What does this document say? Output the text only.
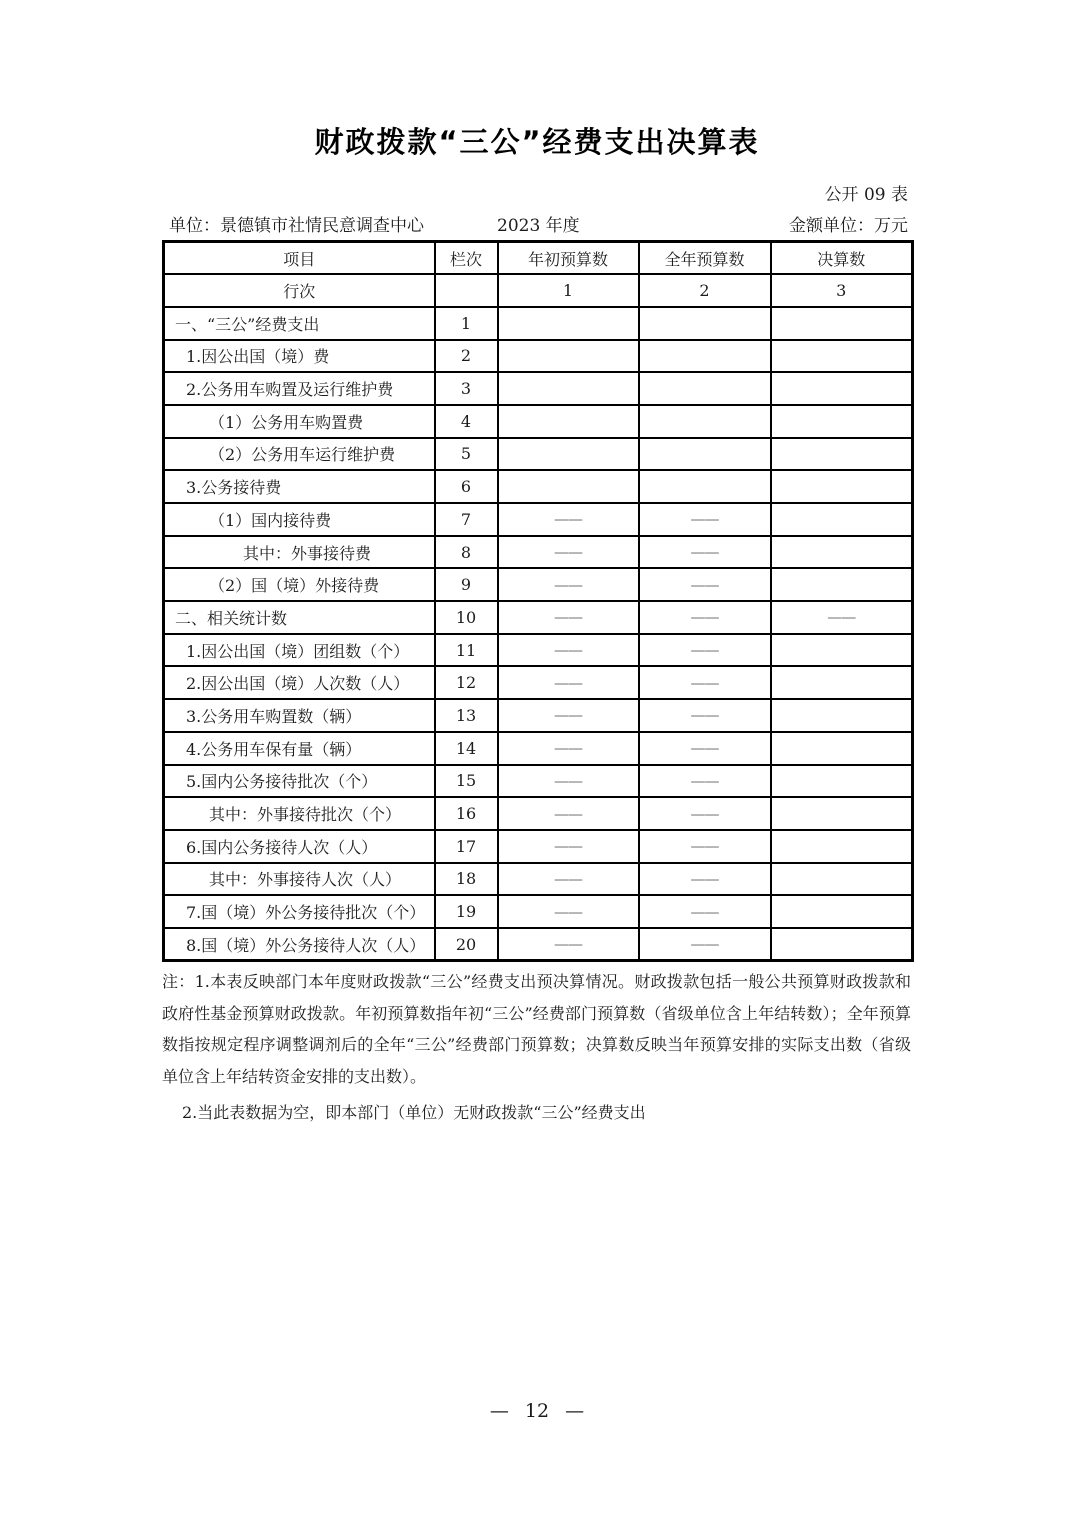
财政拨款“三公”经费支出决算表
公开 09 表
单位：景德镇市社情民意调查中心	2023 年度	金额单位：万元
项目	栏次	年初预算数	全年预算数	决算数
行次		1	2	3
一、“三公”经费支出	1			
1.因公出国（境）费	2			
2.公务用车购置及运行维护费	3			
（1）公务用车购置费	4			
（2）公务用车运行维护费	5			
3.公务接待费	6			
（1）国内接待费	7	——	——	
其中：外事接待费	8	——	——	
（2）国（境）外接待费	9	——	——	
二、相关统计数	10	——	——	——
1.因公出国（境）团组数（个）	11	——	——	
2.因公出国（境）人次数（人）	12	——	——	
3.公务用车购置数（辆）	13	——	——	
4.公务用车保有量（辆）	14	——	——	
5.国内公务接待批次（个）	15	——	——	
其中：外事接待批次（个）	16	——	——	
6.国内公务接待人次（人）	17	——	——	
其中：外事接待人次（人）	18	——	——	
7.国（境）外公务接待批次（个）	19	——	——	
8.国（境）外公务接待人次（人）	20	——	——	

注：1.本表反映部门本年度财政拨款“三公”经费支出预决算情况。财政拨款包括一般公共预算财政拨款和政府性基金预算财政拨款。年初预算数指年初“三公”经费部门预算数（省级单位含上年结转数）；全年预算数指按规定程序调整调剂后的全年“三公”经费部门预算数；决算数反映当年预算安排的实际支出数（省级单位含上年结转资金安排的支出数）。

2.当此表数据为空，即本部门（单位）无财政拨款“三公”经费支出

— 12 —
